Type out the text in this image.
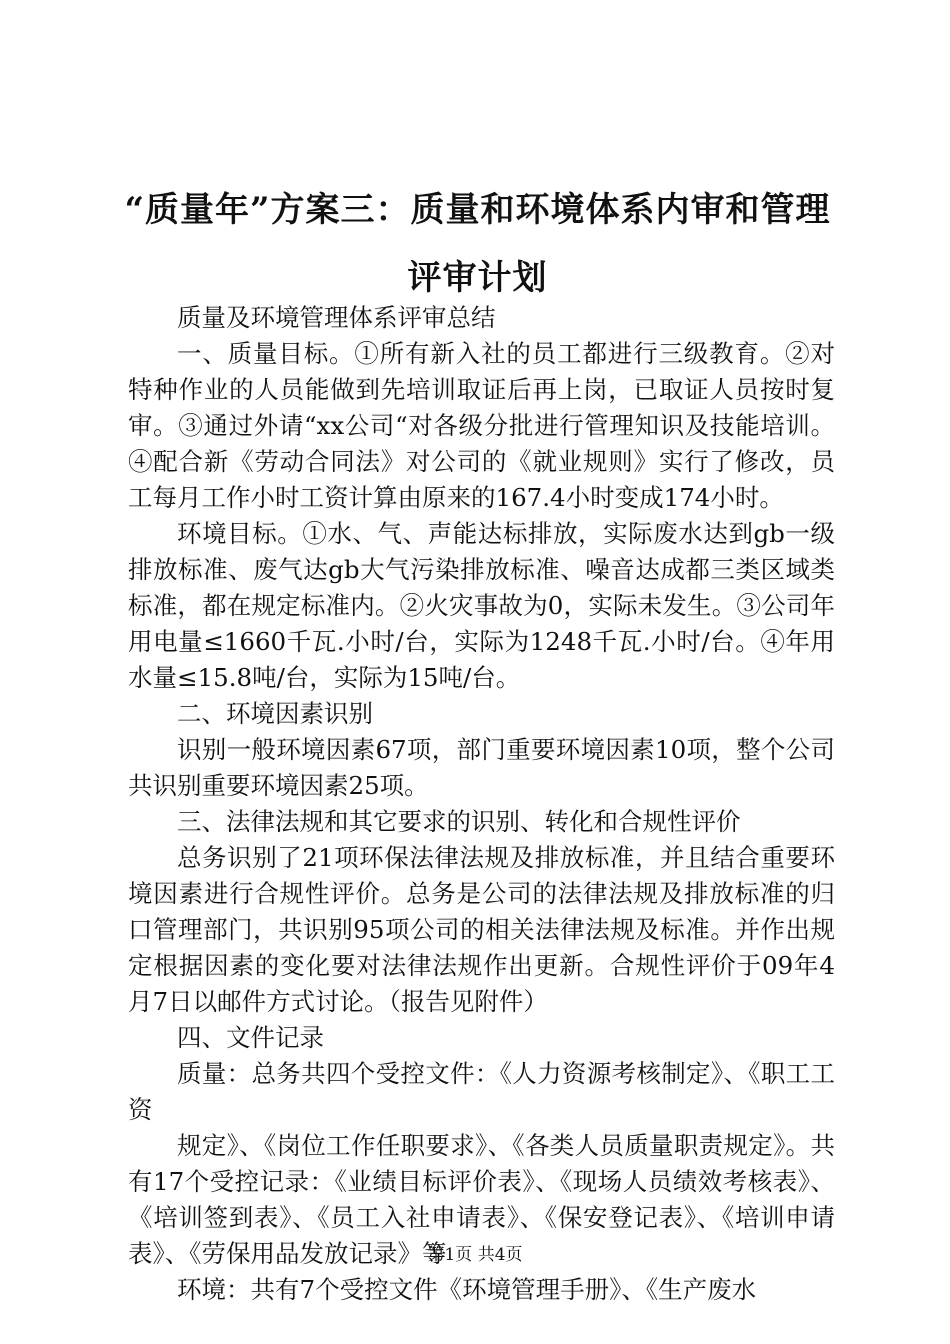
“质量年”方案三：质量和环境体系内审和管理评审计划

质量及环境管理体系评审总结

一、质量目标。①所有新入社的员工都进行三级教育。②对特种作业的人员能做到先培训取证后再上岗，已取证人员按时复审。③通过外请“xx公司“对各级分批进行管理知识及技能培训。④配合新《劳动合同法》对公司的《就业规则》实行了修改，员工每月工作小时工资计算由原来的167.4小时变成174小时。

环境目标。①水、气、声能达标排放，实际废水达到gb一级排放标准、废气达gb大气污染排放标准、噪音达成都三类区域类标准，都在规定标准内。②火灾事故为0，实际未发生。③公司年用电量≤1660千瓦.小时/台，实际为1248千瓦.小时/台。④年用水量≤15.8吨/台，实际为15吨/台。

二、环境因素识别

识别一般环境因素67项，部门重要环境因素10项，整个公司共识别重要环境因素25项。

三、法律法规和其它要求的识别、转化和合规性评价

总务识别了21项环保法律法规及排放标准，并且结合重要环境因素进行合规性评价。总务是公司的法律法规及排放标准的归口管理部门，共识别95项公司的相关法律法规及标准。并作出规定根据因素的变化要对法律法规作出更新。合规性评价于09年4月7日以邮件方式讨论。（报告见附件）

四、文件记录

质量：总务共四个受控文件：《人力资源考核制定》、《职工工资

规定》、《岗位工作任职要求》、《各类人员质量职责规定》。共有17个受控记录：《业绩目标评价表》、《现场人员绩效考核表》、《培训签到表》、《员工入社申请表》、《保安登记表》、《培训申请表》、《劳保用品发放记录》等

环境：共有7个受控文件《环境管理手册》、《生产废水

第1页 共4页
